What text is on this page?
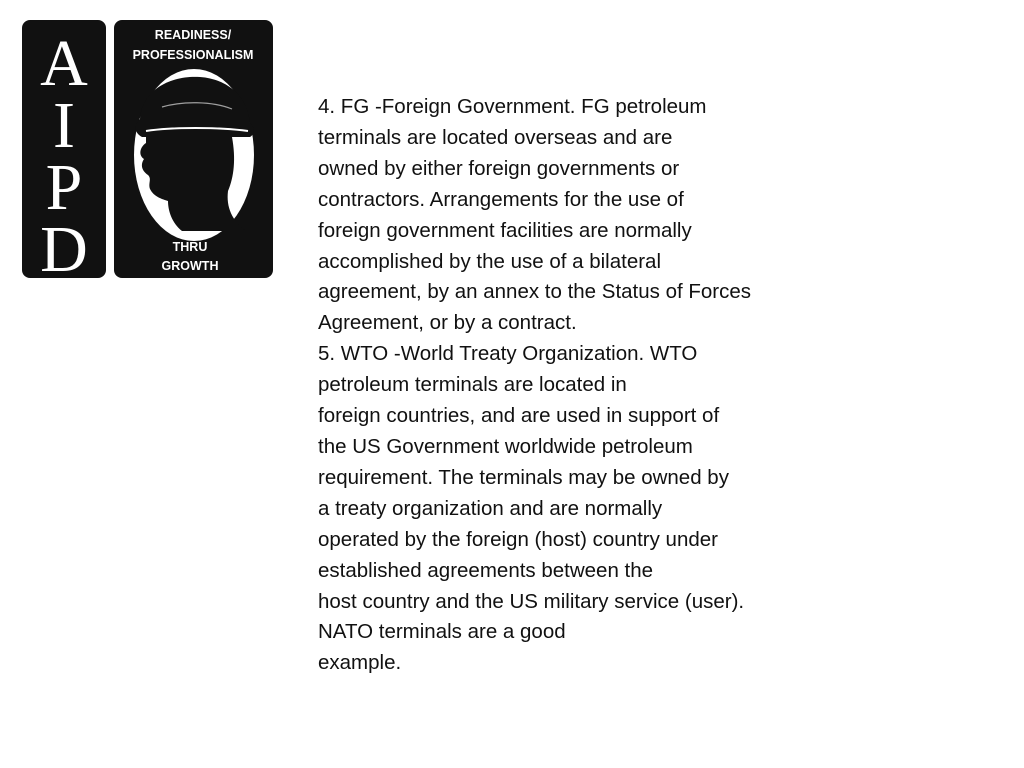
A
I
P
D
READINESS/
PROFESSIONALISM
THRU
GROWTH
4. FG -Foreign Government. FG petroleum
terminals are located overseas and are
owned by either foreign governments or
contractors. Arrangements for the use of
foreign government facilities are normally
accomplished by the use of a bilateral
agreement, by an annex to the Status of Forces
Agreement, or by a contract.
5. WTO -World Treaty Organization. WTO
petroleum terminals are located in
foreign countries, and are used in support of
the US Government worldwide petroleum
requirement. The terminals may be owned by
a treaty organization and are normally
operated by the foreign (host) country under
established agreements between the
host country and the US military service (user).
NATO terminals are a good
example.
